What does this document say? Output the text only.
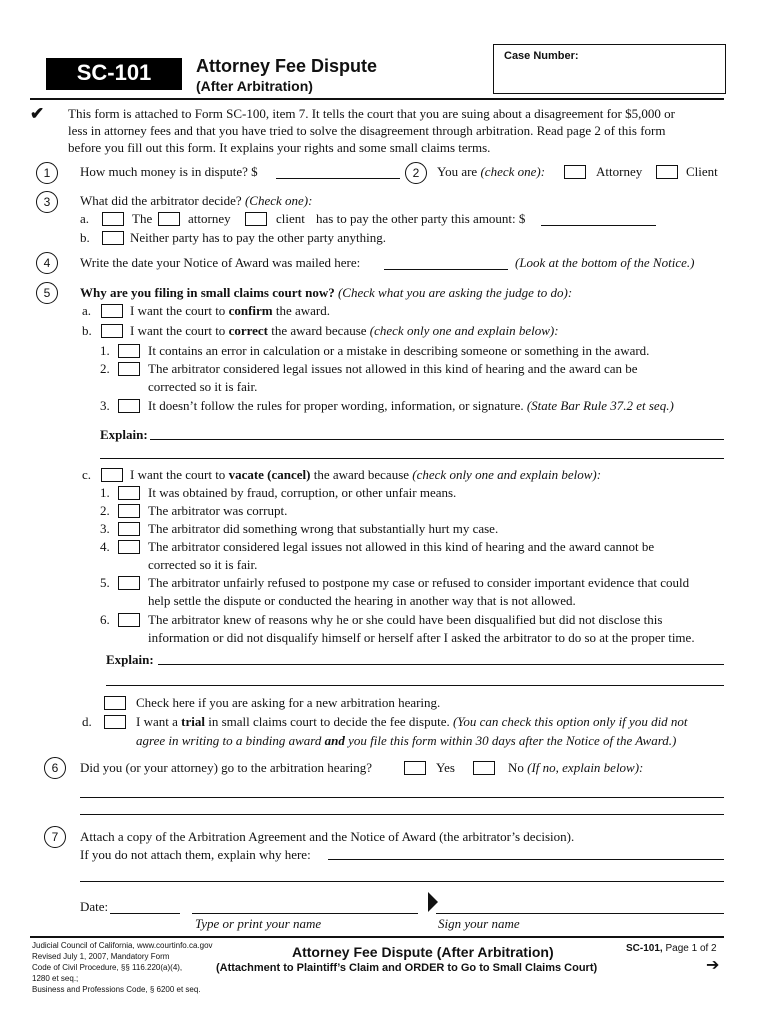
SC-101	Attorney Fee Dispute
(After Arbitration)
Case Number:
✔ This form is attached to Form SC-100, item 7. It tells the court that you are suing about a disagreement for $5,000 or
less in attorney fees and that you have tried to solve the disagreement through arbitration. Read page 2 of this form
before you fill out this form. It explains your rights and some small claims terms.
1	How much money is in dispute? $	2	You are (check one):	Attorney	Client
3	What did the arbitrator decide? (Check one):
a.	The	attorney	client has to pay the other party this amount: $
b.	Neither party has to pay the other party anything.
4	Write the date your Notice of Award was mailed here:	(Look at the bottom of the Notice.)
5	Why are you filing in small claims court now? (Check what you are asking the judge to do):
a.	I want the court to confirm the award.
b.	I want the court to correct the award because (check only one and explain below):
1.	It contains an error in calculation or a mistake in describing someone or something in the award.
2.	The arbitrator considered legal issues not allowed in this kind of hearing and the award can be
corrected so it is fair.
3.	It doesn’t follow the rules for proper wording, information, or signature. (State Bar Rule 37.2 et seq.)
Explain:
c.	I want the court to vacate (cancel) the award because (check only one and explain below):
1.	It was obtained by fraud, corruption, or other unfair means.
2.	The arbitrator was corrupt.
3.	The arbitrator did something wrong that substantially hurt my case.
4.	The arbitrator considered legal issues not allowed in this kind of hearing and the award cannot be
corrected so it is fair.
5.	The arbitrator unfairly refused to postpone my case or refused to consider important evidence that could
help settle the dispute or conducted the hearing in another way that is not allowed.
6.	The arbitrator knew of reasons why he or she could have been disqualified but did not disclose this
information or did not disqualify himself or herself after I asked the arbitrator to do so at the proper time.
Explain:
Check here if you are asking for a new arbitration hearing.
d.	I want a trial in small claims court to decide the fee dispute. (You can check this option only if you did not
agree in writing to a binding award and you file this form within 30 days after the Notice of the Award.)
6	Did you (or your attorney) go to the arbitration hearing?	Yes	No (If no, explain below):
7	Attach a copy of the Arbitration Agreement and the Notice of Award (the arbitrator’s decision).
If you do not attach them, explain why here:
Date:
Type or print your name	Sign your name
Judicial Council of California, www.courtinfo.ca.gov
Revised July 1, 2007, Mandatory Form
Code of Civil Procedure, §§ 116.220(a)(4),
1280 et seq.;
Business and Professions Code, § 6200 et seq.
Attorney Fee Dispute (After Arbitration)
(Attachment to Plaintiff’s Claim and ORDER to Go to Small Claims Court)
SC-101, Page 1 of 2
➔
